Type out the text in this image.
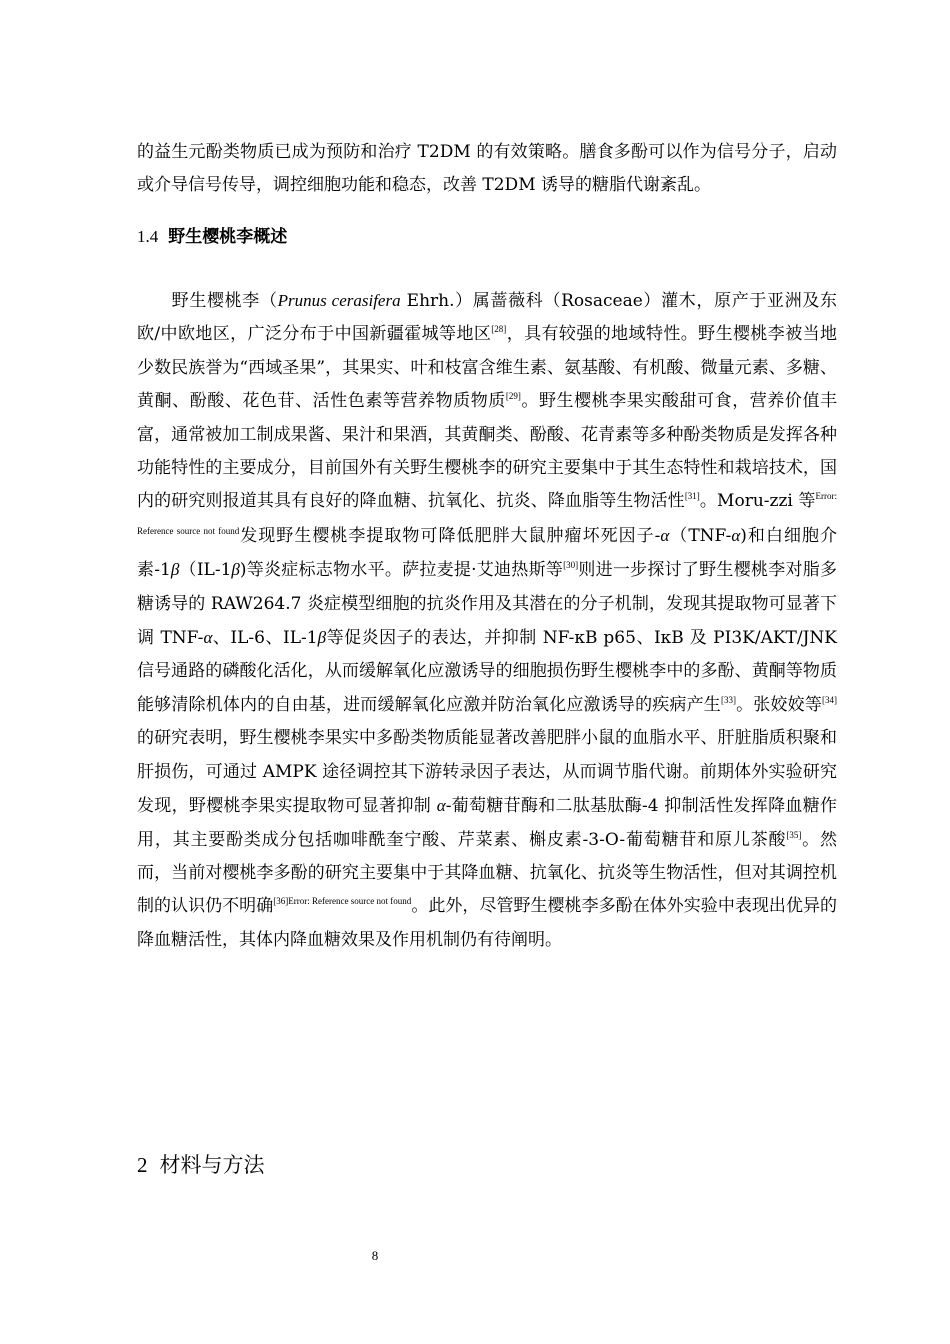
的益生元酚类物质已成为预防和治疗 T2DM 的有效策略。膳食多酚可以作为信号分子，启动或介导信号传导，调控细胞功能和稳态，改善 T2DM 诱导的糖脂代谢紊乱。
1.4 野生樱桃李概述
野生樱桃李（Prunus cerasifera Ehrh.）属蔷薇科（Rosaceae）灌木，原产于亚洲及东欧/中欧地区，广泛分布于中国新疆霍城等地区[28]，具有较强的地域特性。野生樱桃李被当地少数民族誉为“西域圣果”，其果实、叶和枝富含维生素、氨基酸、有机酸、微量元素、多糖、黄酮、酚酸、花色苷、活性色素等营养物质物质[29]。野生樱桃李果实酸甜可食，营养价值丰富，通常被加工制成果酱、果汁和果酒，其黄酮类、酚酸、花青素等多种酚类物质是发挥各种功能特性的主要成分，目前国外有关野生樱桃李的研究主要集中于其生态特性和栽培技术，国内的研究则报道其具有良好的降血糖、抗氧化、抗炎、降血脂等生物活性[31]。Moru-zzi 等$^{Error: Reference source not found}$发现野生樱桃李提取物可降低肥胖大鼠肿瘤坏死因子-α（TNF-α)和白细胞介素-1β（IL-1β)等炎症标志物水平。萨拉麦提·艾迪热斯等[30]则进一步探讨了野生樱桃李对脂多糖诱导的 RAW264.7 炎症模型细胞的抗炎作用及其潜在的分子机制，发现其提取物可显著下调 TNF-α、IL-6、IL-1β等促炎因子的表达，并抑制 NF-κB p65、IκB 及 PI3K/AKT/JNK 信号通路的磷酸化活化，从而缓解氧化应激诱导的细胞损伤野生樱桃李中的多酚、黄酮等物质能够清除机体内的自由基，进而缓解氧化应激并防治氧化应激诱导的疾病产生[33]。张姣姣等[34]的研究表明，野生樱桃李果实中多酚类物质能显著改善肥胖小鼠的血脂水平、肝脏脂质积聚和肝损伤，可通过 AMPK 途径调控其下游转录因子表达，从而调节脂代谢。前期体外实验研究发现，野樱桃李果实提取物可显著抑制 α-葡萄糖苷酶和二肽基肽酶-4 抑制活性发挥降血糖作用，其主要酚类成分包括咖啡酰奎宁酸、芹菜素、槲皮素-3-O-葡萄糖苷和原儿茶酸[35]。然而，当前对樱桃李多酚的研究主要集中于其降血糖、抗氧化、抗炎等生物活性，但对其调控机制的认识仍不明确$^{[36]Error: Reference source not found}$。此外，尽管野生樱桃李多酚在体外实验中表现出优异的降血糖活性，其体内降血糖效果及作用机制仍有待阐明。
2 材料与方法
8
